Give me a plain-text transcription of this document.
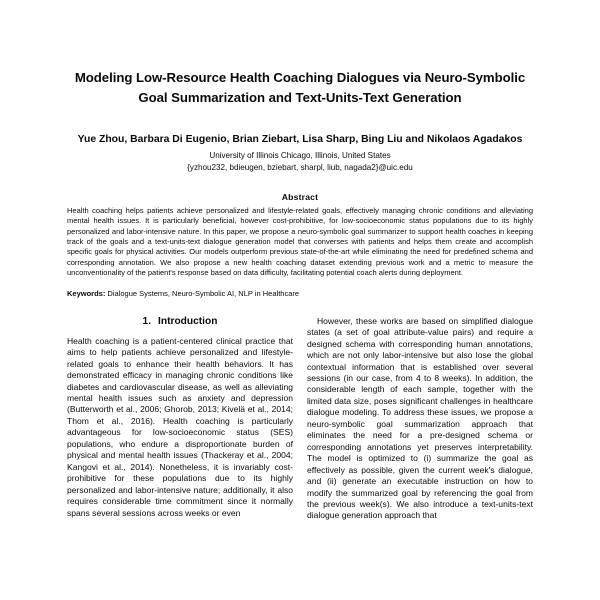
Modeling Low-Resource Health Coaching Dialogues via Neuro-Symbolic Goal Summarization and Text-Units-Text Generation
Yue Zhou, Barbara Di Eugenio, Brian Ziebart, Lisa Sharp, Bing Liu and Nikolaos Agadakos
University of Illinois Chicago, Illinois, United States
{yzhou232, bdieugen, bziebart, sharpl, liub, nagada2}@uic.edu
Abstract

Health coaching helps patients achieve personalized and lifestyle-related goals, effectively managing chronic conditions and alleviating mental health issues. It is particularly beneficial, however cost-prohibitive, for low-socioeconomic status populations due to its highly personalized and labor-intensive nature. In this paper, we propose a neuro-symbolic goal summarizer to support health coaches in keeping track of the goals and a text-units-text dialogue generation model that converses with patients and helps them create and accomplish specific goals for physical activities. Our models outperform previous state-of-the-art while eliminating the need for predefined schema and corresponding annotation. We also propose a new health coaching dataset extending previous work and a metric to measure the unconventionality of the patient's response based on data difficulty, facilitating potential coach alerts during deployment.

Keywords: Dialogue Systems, Neuro-Symbolic AI, NLP in Healthcare

1. Introduction

Health coaching is a patient-centered clinical practice that aims to help patients achieve personalized and lifestyle-related goals to enhance their health behaviors. It has demonstrated efficacy in managing chronic conditions like diabetes and cardiovascular disease, as well as alleviating mental health issues such as anxiety and depression (Butterworth et al., 2006; Ghorob, 2013; Kivelä et al., 2014; Thom et al., 2016). Health coaching is particularly advantageous for low-socioeconomic status (SES) populations, who endure a disproportionate burden of physical and mental health issues (Thackeray et al., 2004; Kangovi et al., 2014). Nonetheless, it is invariably cost-prohibitive for these populations due to its highly personalized and labor-intensive nature; additionally, it also requires considerable time commitment since it normally spans several sessions across weeks or even

However, these works are based on simplified dialogue states (a set of goal attribute-value pairs) and require a designed schema with corresponding human annotations, which are not only labor-intensive but also lose the global contextual information that is established over several sessions (in our case, from 4 to 8 weeks). In addition, the considerable length of each sample, together with the limited data size, poses significant challenges in healthcare dialogue modeling. To address these issues, we propose a neuro-symbolic goal summarization approach that eliminates the need for a pre-designed schema or corresponding annotations yet preserves interpretability. The model is optimized to (i) summarize the goal as effectively as possible, given the current week's dialogue, and (ii) generate an executable instruction on how to modify the summarized goal by referencing the goal from the previous week(s). We also introduce a text-units-text dialogue generation approach that
